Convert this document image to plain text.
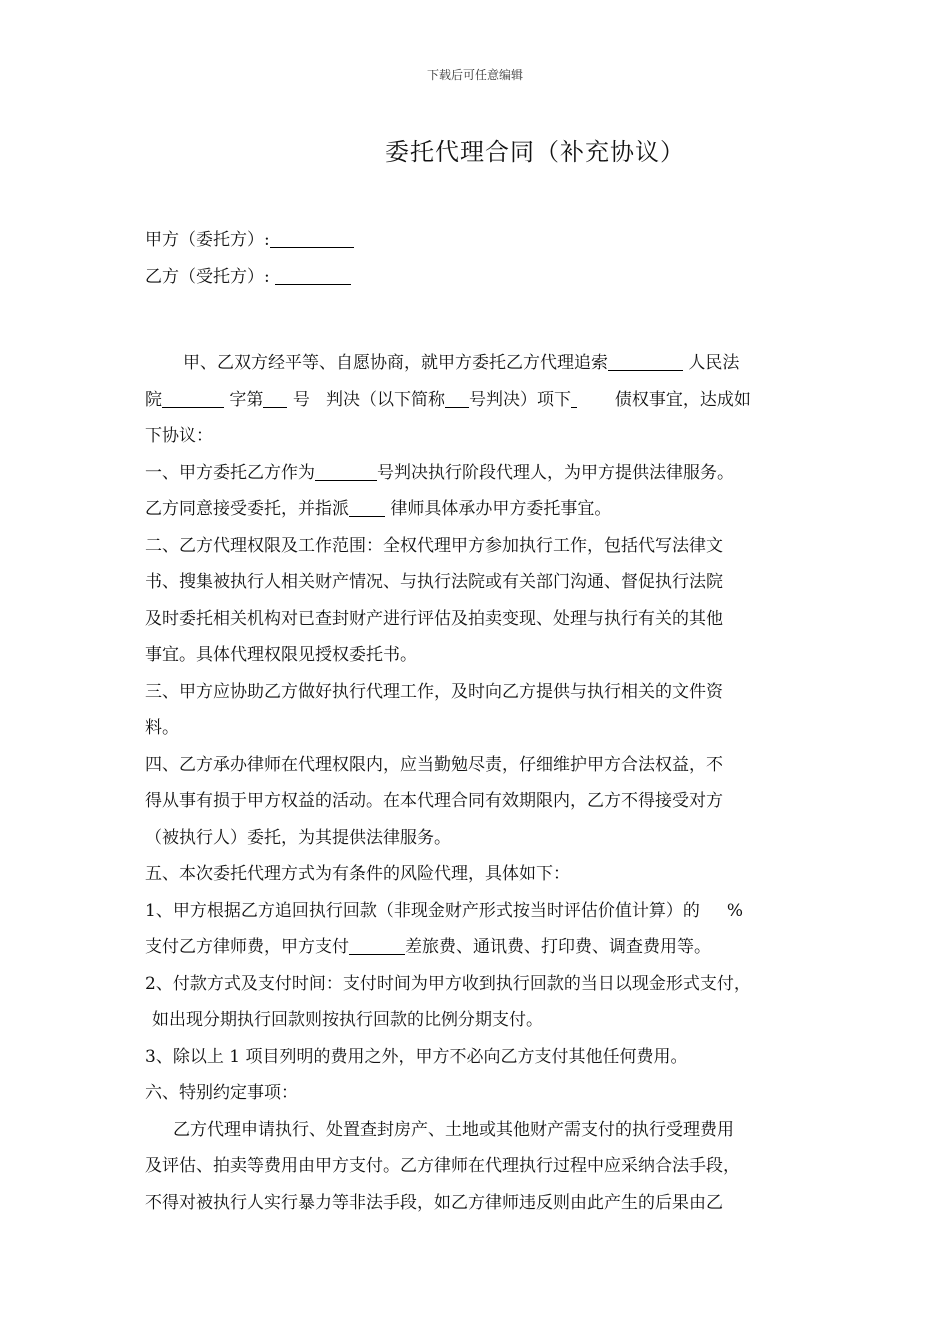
下载后可任意编辑
委托代理合同（补充协议）
甲方（委托方）:
乙方（受托方）:
甲、乙双方经平等、自愿协商，就甲方委托乙方代理追索	人民法
院	字第 号 判决（以下简称 号判决）项下	债权事宜，达成如
下协议：
一、甲方委托乙方作为	号判决执行阶段代理人，为甲方提供法律服务。
乙方同意接受委托，并指派 律师具体承办甲方委托事宜。
二、乙方代理权限及工作范围：全权代理甲方参加执行工作，包括代写法律文
书、搜集被执行人相关财产情况、与执行法院或有关部门沟通、督促执行法院
及时委托相关机构对已查封财产进行评估及拍卖变现、处理与执行有关的其他
事宜。具体代理权限见授权委托书。
三、甲方应协助乙方做好执行代理工作，及时向乙方提供与执行相关的文件资
料。
四、乙方承办律师在代理权限内，应当勤勉尽责，仔细维护甲方合法权益，不
得从事有损于甲方权益的活动。在本代理合同有效期限内，乙方不得接受对方
（被执行人）委托，为其提供法律服务。
五、本次委托代理方式为有条件的风险代理，具体如下：
1、甲方根据乙方追回执行回款（非现金财产形式按当时评估价值计算）的 %
支付乙方律师费，甲方支付	差旅费、通讯费、打印费、调查费用等。
2、付款方式及支付时间：支付时间为甲方收到执行回款的当日以现金形式支付，
如出现分期执行回款则按执行回款的比例分期支付。
3、除以上 1 项目列明的费用之外，甲方不必向乙方支付其他任何费用。
六、特别约定事项：
乙方代理申请执行、处置查封房产、土地或其他财产需支付的执行受理费用
及评估、拍卖等费用由甲方支付。乙方律师在代理执行过程中应采纳合法手段，
不得对被执行人实行暴力等非法手段，如乙方律师违反则由此产生的后果由乙
